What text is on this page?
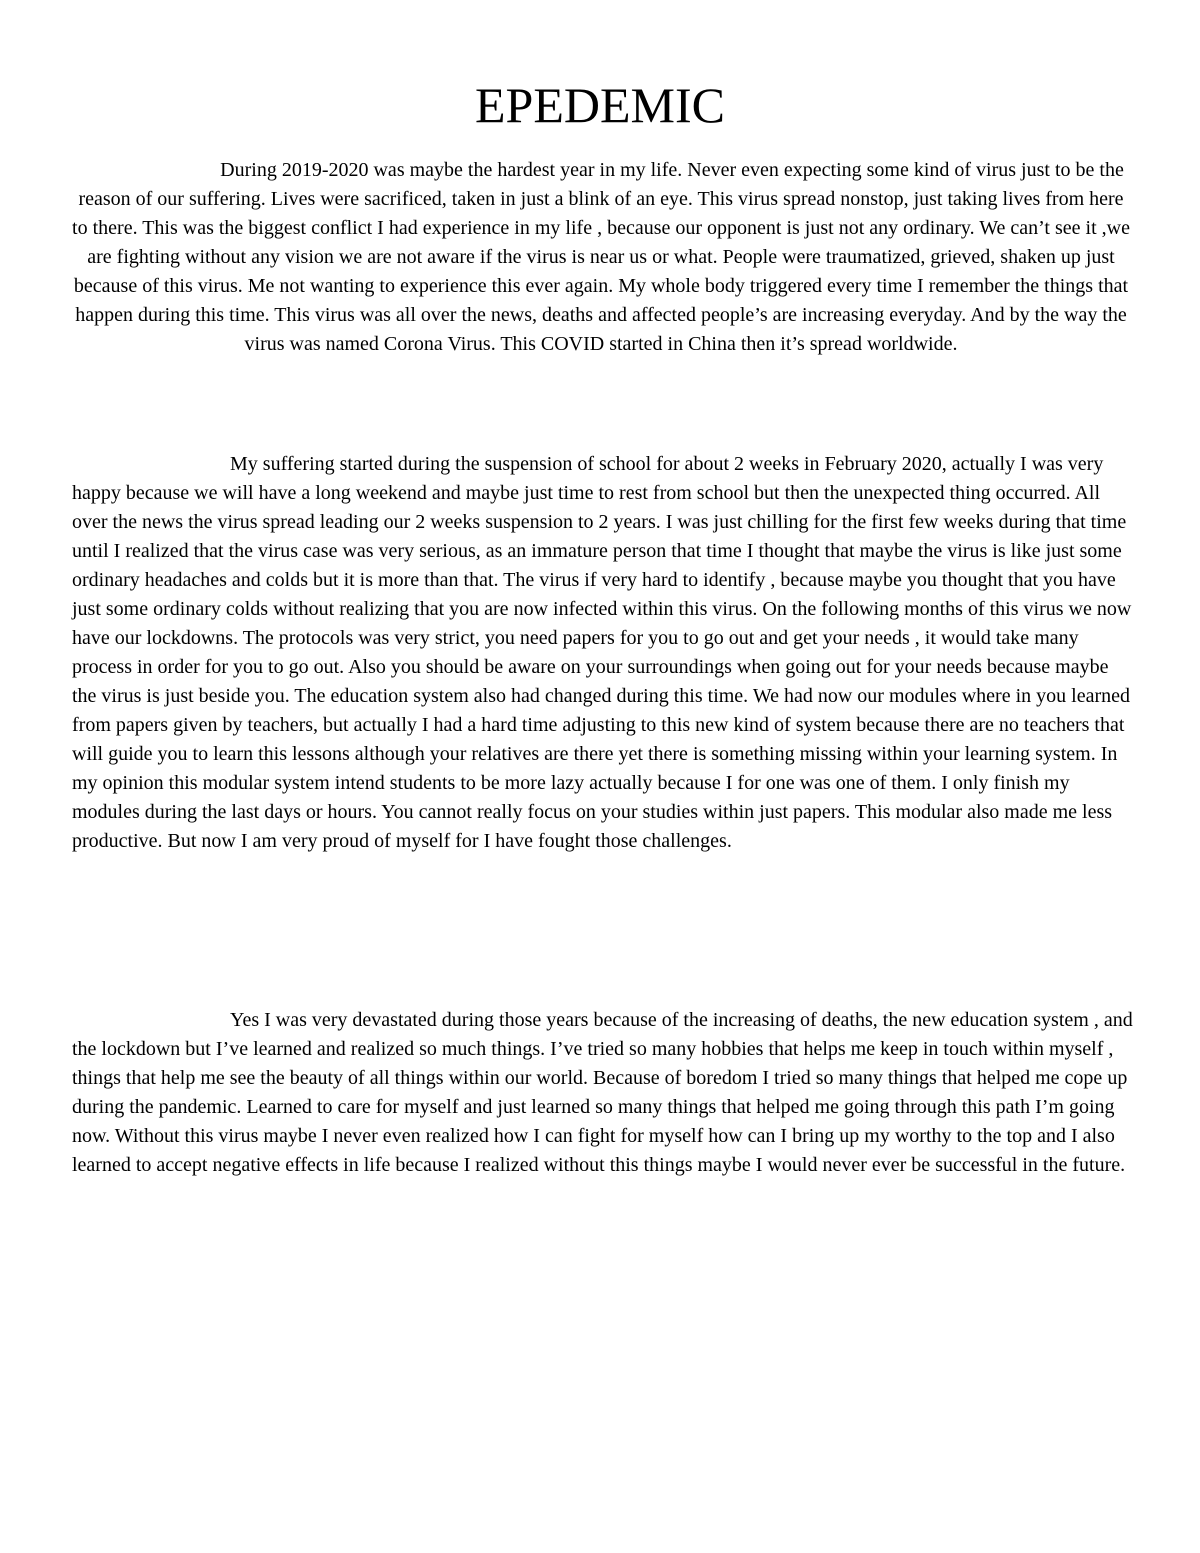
EPEDEMIC

During 2019-2020 was maybe the hardest year in my life. Never even expecting some kind of virus just to be the reason of our suffering. Lives were sacrificed, taken in just a blink of an eye. This virus spread nonstop, just taking lives from here to there. This was the biggest conflict I had experience in my life , because our opponent is just not any ordinary. We can’t see it ,we are fighting without any vision we are not aware if the virus is near us or what. People were traumatized, grieved, shaken up just because of this virus. Me not wanting to experience this ever again. My whole body triggered every time I remember the things that happen during this time. This virus was all over the news, deaths and affected people’s are increasing everyday. And by the way the virus was named Corona Virus. This COVID started in China then it’s spread worldwide.

My suffering started during the suspension of school for about 2 weeks in February 2020, actually I was very happy because we will have a long weekend and maybe just time to rest from school but then the unexpected thing occurred. All over the news the virus spread leading our 2 weeks suspension to 2 years. I was just chilling for the first few weeks during that time until I realized that the virus case was very serious, as an immature person that time I thought that maybe the virus is like just some ordinary headaches and colds but it is more than that. The virus if very hard to identify , because maybe you thought that you have just some ordinary colds without realizing that you are now infected within this virus. On the following months of this virus we now have our lockdowns. The protocols was very strict, you need papers for you to go out and get your needs , it would take many process in order for you to go out. Also you should be aware on your surroundings when going out for your needs because maybe the virus is just beside you. The education system also had changed during this time. We had now our modules where in you learned from papers given by teachers, but actually I had a hard time adjusting to this new kind of system because there are no teachers that will guide you to learn this lessons although your relatives are there yet there is something missing within your learning system. In my opinion this modular system intend students to be more lazy actually because I for one was one of them. I only finish my modules during the last days or hours. You cannot really focus on your studies within just papers. This modular also made me less productive. But now I am very proud of myself for I have fought those challenges.

Yes I was very devastated during those years because of the increasing of deaths, the new education system , and the lockdown but I’ve learned and realized so much things. I’ve tried so many hobbies that helps me keep in touch within myself , things that help me see the beauty of all things within our world. Because of boredom I tried so many things that helped me cope up during the pandemic. Learned to care for myself and just learned so many things that helped me going through this path I’m going now. Without this virus maybe I never even realized how I can fight for myself how can I bring up my worthy to the top and I also learned to accept negative effects in life because I realized without this things maybe I would never ever be successful in the future.
